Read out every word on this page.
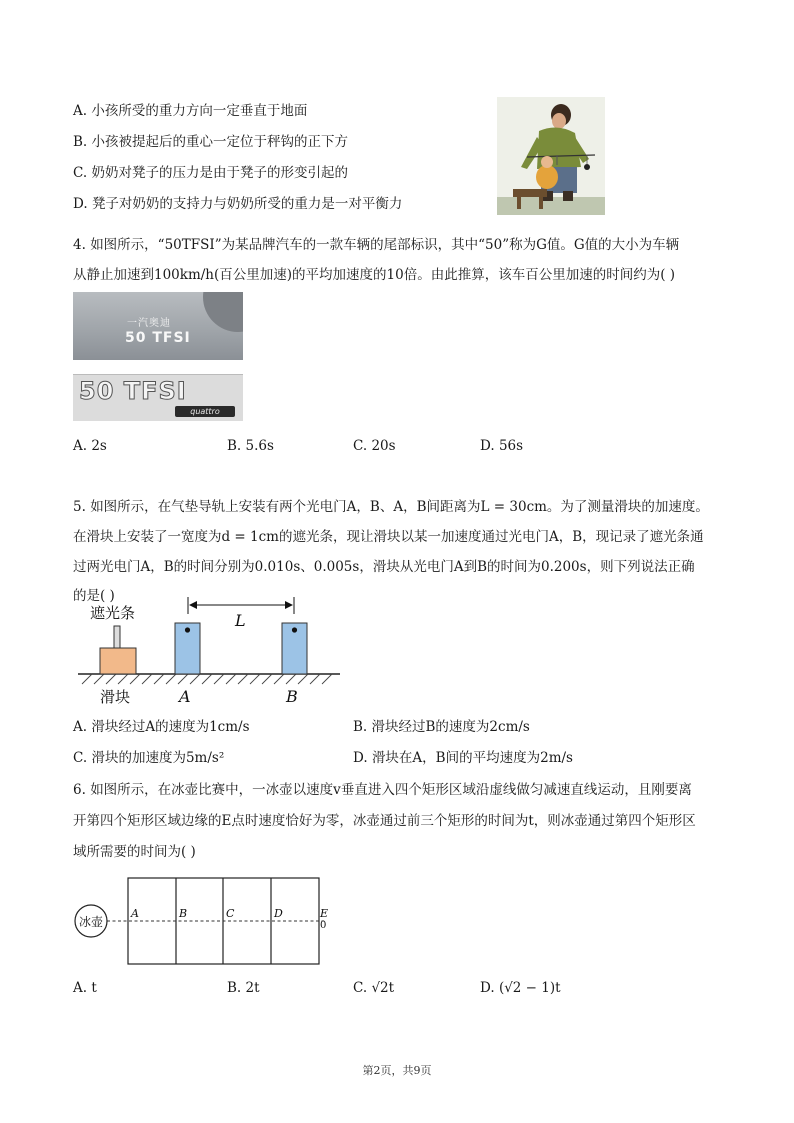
A. 小孩所受的重力方向一定垂直于地面
B. 小孩被提起后的重心一定位于秤钩的正下方
C. 奶奶对凳子的压力是由于凳子的形变引起的
D. 凳子对奶奶的支持力与奶奶所受的重力是一对平衡力
4. 如图所示，“50TFSI”为某品牌汽车的一款车辆的尾部标识，其中“50”称为G值。G值的大小为车辆
从静止加速到100km/h(百公里加速)的平均加速度的10倍。由此推算，该车百公里加速的时间约为( )
一汽奥迪
50 TFSI
50 TFSI
quattro
A. 2s	B. 5.6s	C. 20s	D. 56s
5. 如图所示，在气垫导轨上安装有两个光电门A，B、A，B间距离为L = 30cm。为了测量滑块的加速度。
在滑块上安装了一宽度为d = 1cm的遮光条，现让滑块以某一加速度通过光电门A，B，现记录了遮光条通
过两光电门A，B的时间分别为0.010s、0.005s，滑块从光电门A到B的时间为0.200s，则下列说法正确
的是( )
遮光条
滑块
L
A	B
A. 滑块经过A的速度为1cm/s	B. 滑块经过B的速度为2cm/s
C. 滑块的加速度为5m/s²	D. 滑块在A，B间的平均速度为2m/s
6. 如图所示，在冰壶比赛中，一冰壶以速度v垂直进入四个矩形区域沿虚线做匀减速直线运动，且刚要离
开第四个矩形区域边缘的E点时速度恰好为零，冰壶通过前三个矩形的时间为t，则冰壶通过第四个矩形区
域所需要的时间为( )
冰壶
A	B	C	D	E
0
A. t	B. 2t	C. √2t	D. (√2 − 1)t
第2页，共9页
